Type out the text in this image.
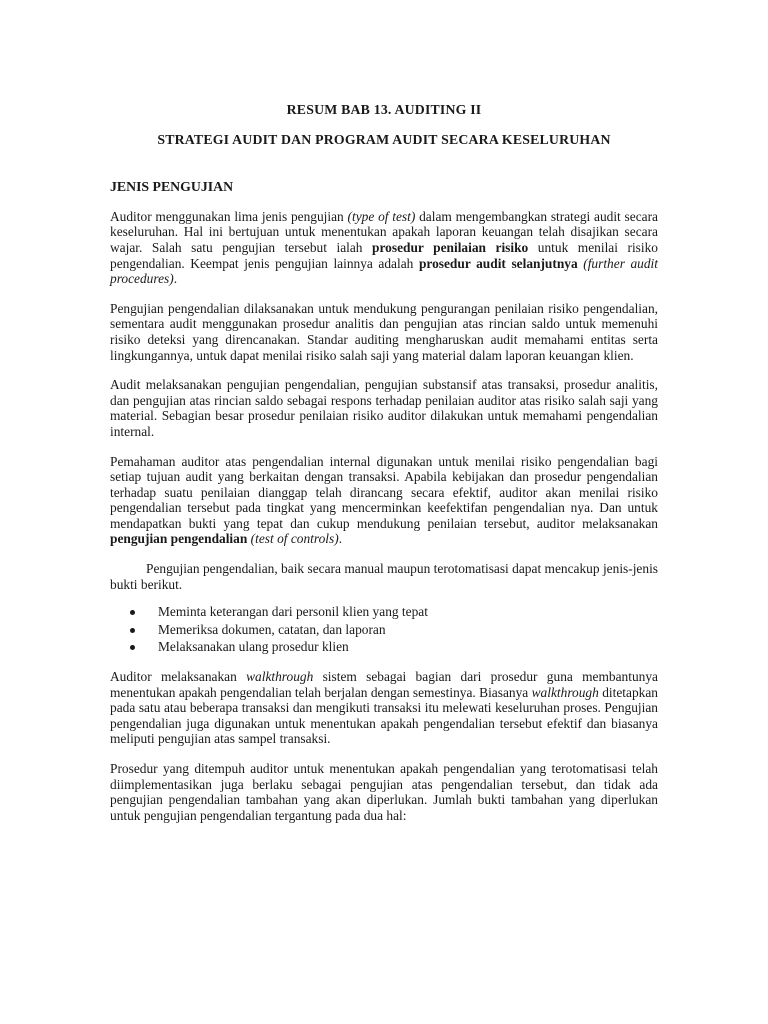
RESUM BAB 13. AUDITING II
STRATEGI AUDIT DAN PROGRAM AUDIT SECARA KESELURUHAN
JENIS PENGUJIAN

Auditor menggunakan lima jenis pengujian (type of test) dalam mengembangkan strategi audit secara keseluruhan. Hal ini bertujuan untuk menentukan apakah laporan keuangan telah disajikan secara wajar. Salah satu pengujian tersebut ialah prosedur penilaian risiko untuk menilai risiko pengendalian. Keempat jenis pengujian lainnya adalah prosedur audit selanjutnya (further audit procedures).

Pengujian pengendalian dilaksanakan untuk mendukung pengurangan penilaian risiko pengendalian, sementara audit menggunakan prosedur analitis dan pengujian atas rincian saldo untuk memenuhi risiko deteksi yang direncanakan. Standar auditing mengharuskan audit memahami entitas serta lingkungannya, untuk dapat menilai risiko salah saji yang material dalam laporan keuangan klien.

Audit melaksanakan pengujian pengendalian, pengujian substansif atas transaksi, prosedur analitis, dan pengujian atas rincian saldo sebagai respons terhadap penilaian auditor atas risiko salah saji yang material. Sebagian besar prosedur penilaian risiko auditor dilakukan untuk memahami pengendalian internal.

Pemahaman auditor atas pengendalian internal digunakan untuk menilai risiko pengendalian bagi setiap tujuan audit yang berkaitan dengan transaksi. Apabila kebijakan dan prosedur pengendalian terhadap suatu penilaian dianggap telah dirancang secara efektif, auditor akan menilai risiko pengendalian tersebut pada tingkat yang mencerminkan keefektifan pengendalian nya. Dan untuk mendapatkan bukti yang tepat dan cukup mendukung penilaian tersebut, auditor melaksanakan pengujian pengendalian (test of controls).

Pengujian pengendalian, baik secara manual maupun terotomatisasi dapat mencakup jenis-jenis bukti berikut.

Meminta keterangan dari personil klien yang tepat
Memeriksa dokumen, catatan, dan laporan
Melaksanakan ulang prosedur klien

Auditor melaksanakan walkthrough sistem sebagai bagian dari prosedur guna membantunya menentukan apakah pengendalian telah berjalan dengan semestinya. Biasanya walkthrough ditetapkan pada satu atau beberapa transaksi dan mengikuti transaksi itu melewati keseluruhan proses. Pengujian pengendalian juga digunakan untuk menentukan apakah pengendalian tersebut efektif dan biasanya meliputi pengujian atas sampel transaksi.

Prosedur yang ditempuh auditor untuk menentukan apakah pengendalian yang terotomatisasi telah diimplementasikan juga berlaku sebagai pengujian atas pengendalian tersebut, dan tidak ada pengujian pengendalian tambahan yang akan diperlukan. Jumlah bukti tambahan yang diperlukan untuk pengujian pengendalian tergantung pada dua hal:
